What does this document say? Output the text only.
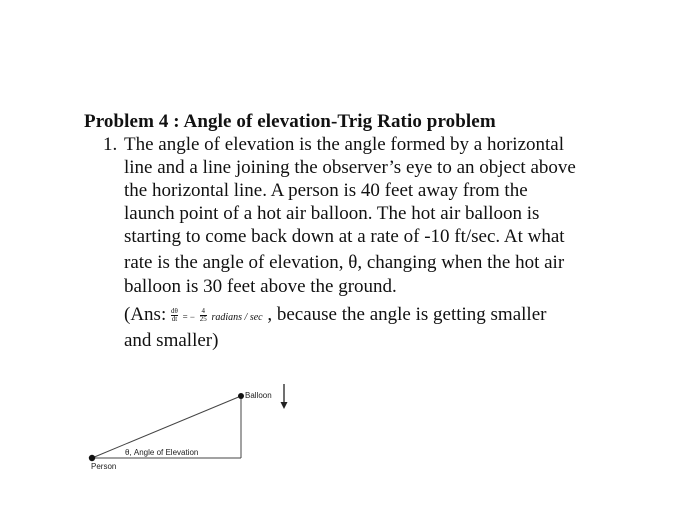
Problem 4 : Angle of elevation-Trig Ratio problem
1. The angle of elevation is the angle formed by a horizontal
line and a line joining the observer’s eye to an object above
the horizontal line. A person is 40 feet away from the
launch point of a hot air balloon. The hot air balloon is
starting to come back down at a rate of -10 ft/sec. At what
rate is the angle of elevation, θ, changing when the hot air
balloon is 30 feet above the ground.
(Ans: $\frac{d\theta}{dt}$ = − $\frac{4}{25}$ radians / sec , because the angle is getting smaller
and smaller)
Balloon
θ, Angle of Elevation
Person
